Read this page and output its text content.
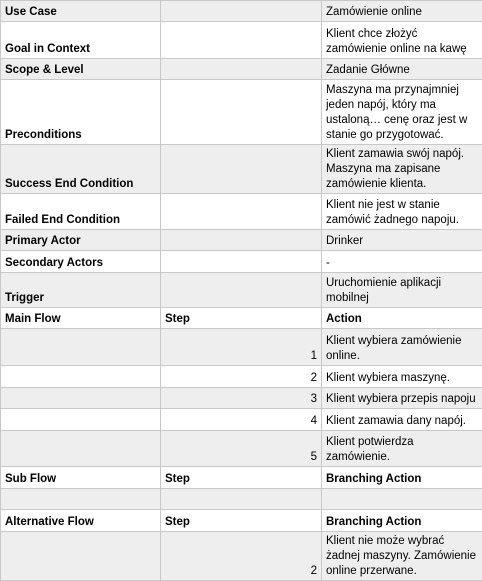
Use Case		Zamówienie online
Goal in Context		Klient chce złożyć zamówienie online na kawę
Scope & Level		Zadanie Główne
Preconditions		Maszyna ma przynajmniej jeden napój, który ma ustaloną… cenę oraz jest w stanie go przygotować.
Success End Condition		Klient zamawia swój napój. Maszyna ma zapisane zamówienie klienta.
Failed End Condition		Klient nie jest w stanie zamówić żadnego napoju.
Primary Actor		Drinker
Secondary Actors		-
Trigger		Uruchomienie aplikacji mobilnej
Main Flow	Step	Action
	1	Klient wybiera zamówienie online.
	2	Klient wybiera maszynę.
	3	Klient wybiera przepis napoju
	4	Klient zamawia dany napój.
	5	Klient potwierdza zamówienie.
Sub Flow	Step	Branching Action

Alternative Flow	Step	Branching Action
	2	Klient nie może wybrać żadnej maszyny. Zamówienie online przerwane.
